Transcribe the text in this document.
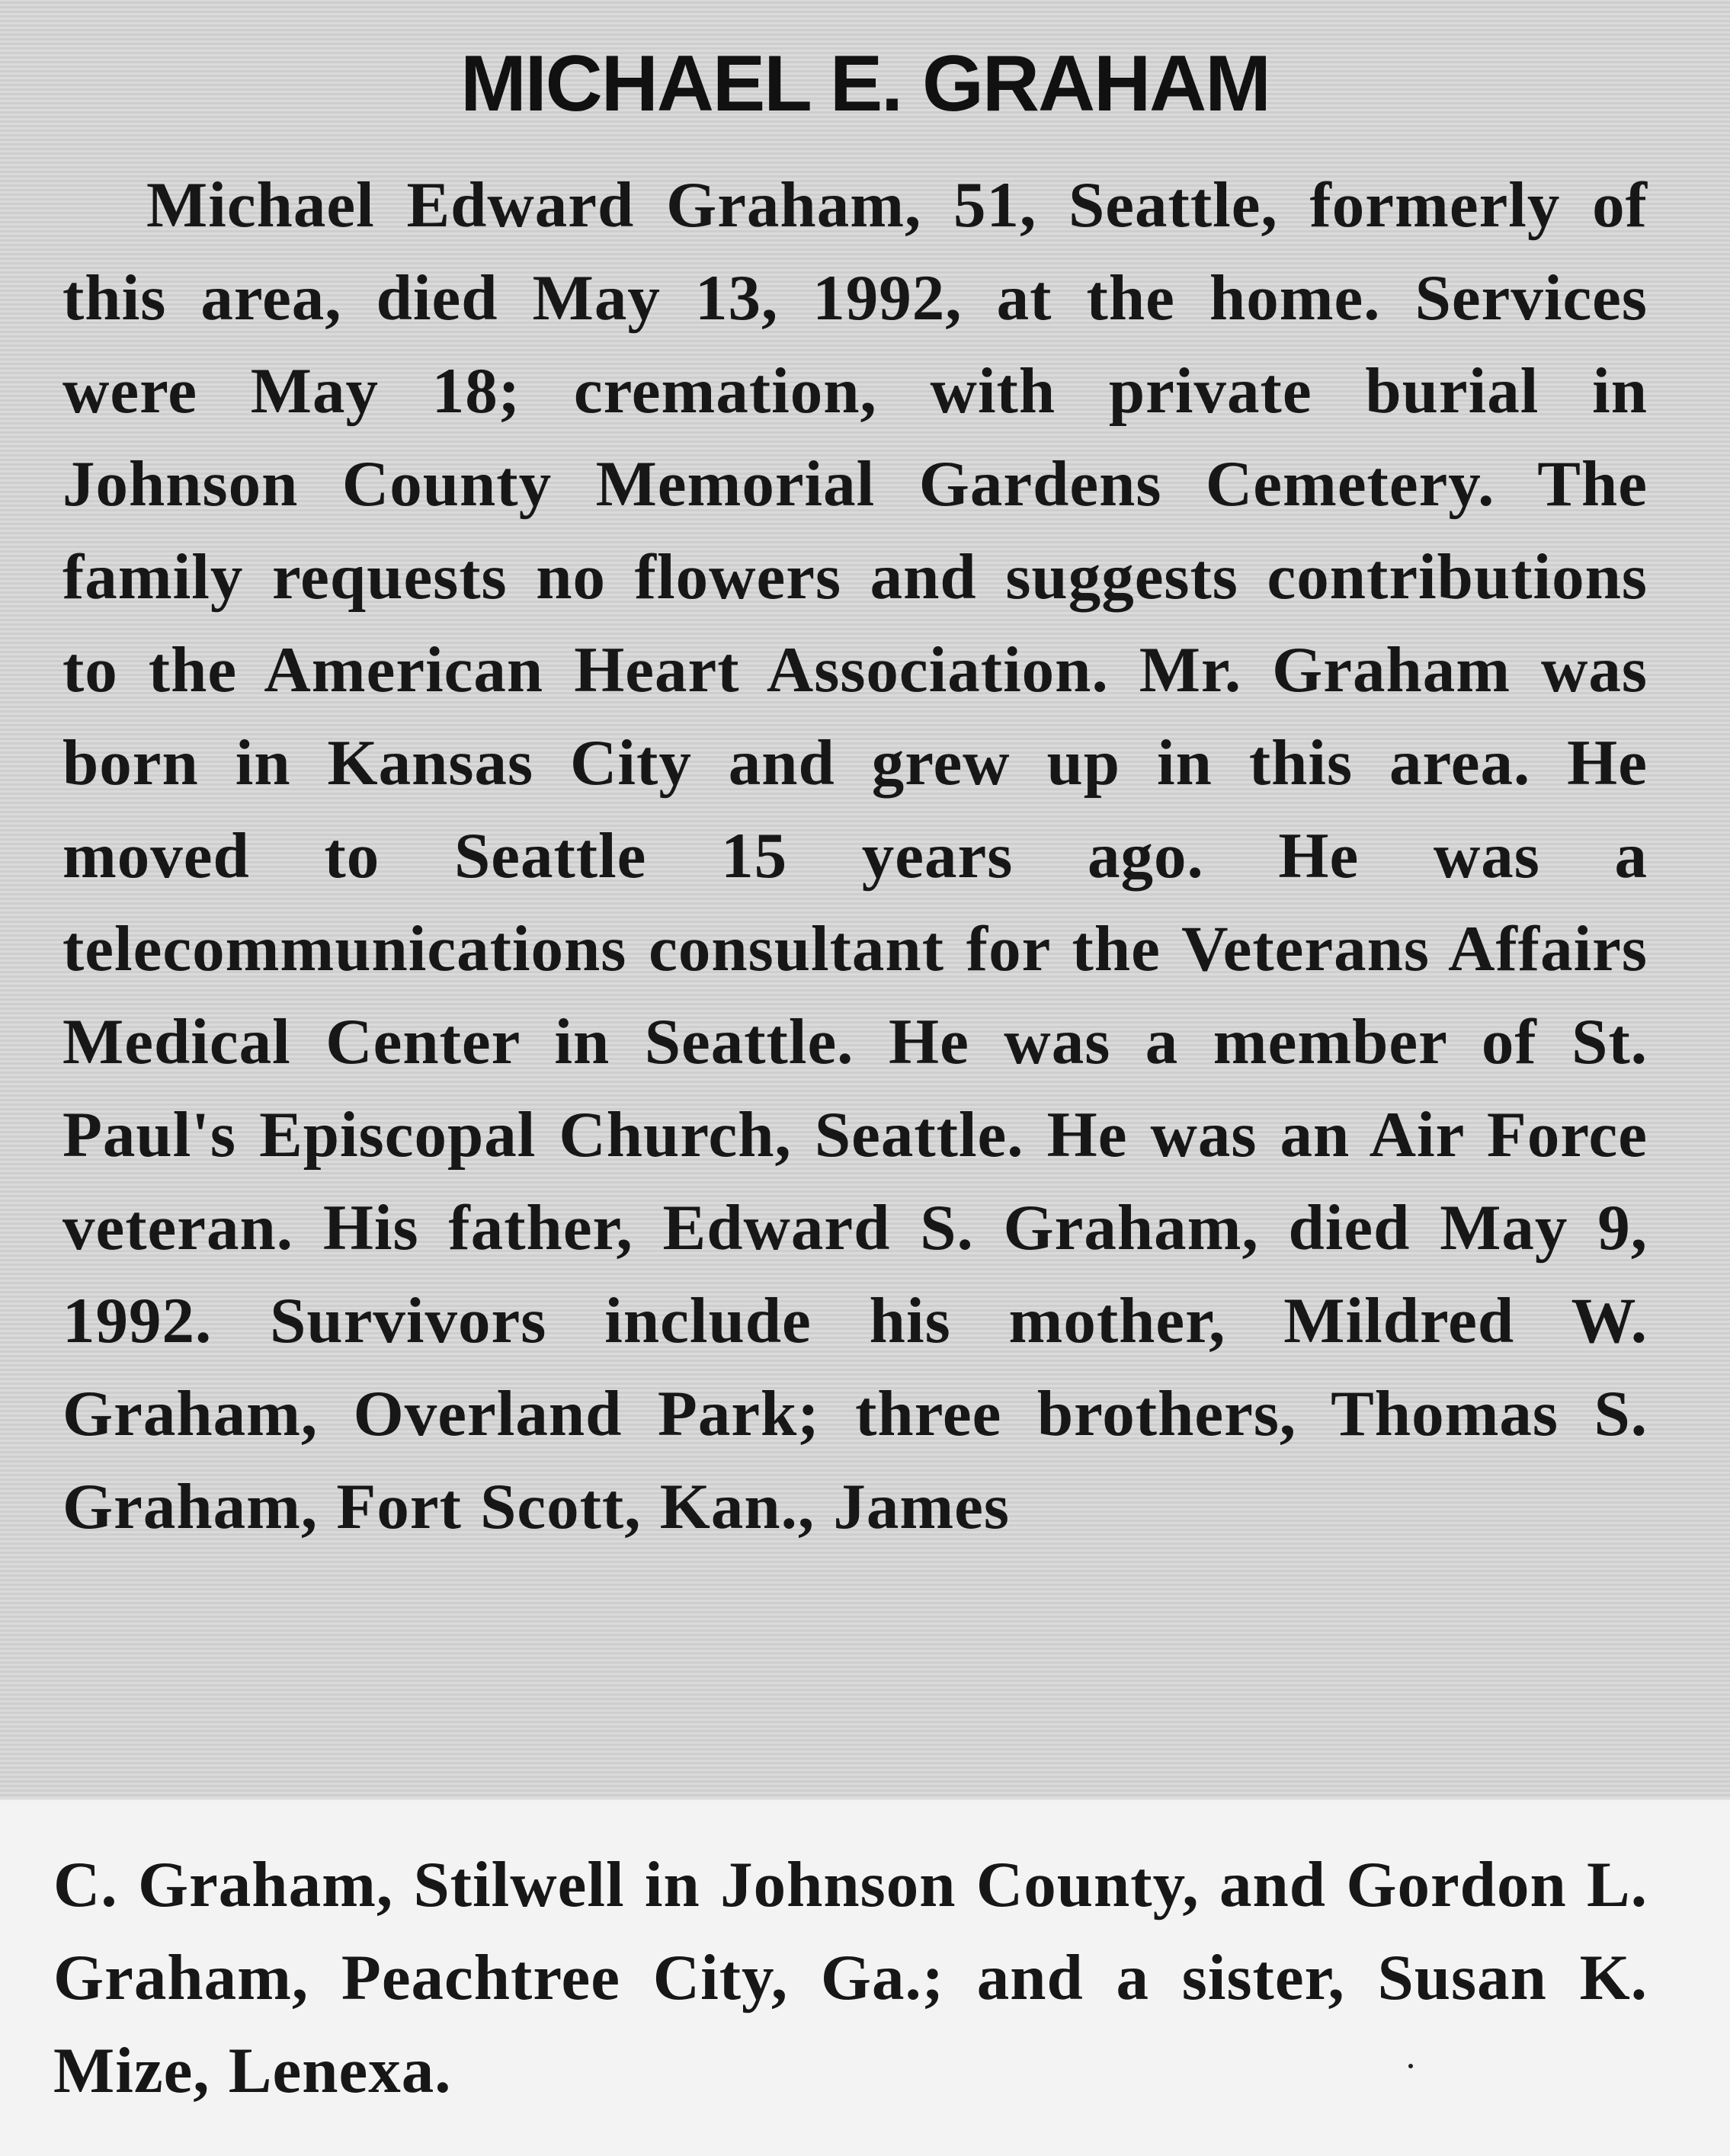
MICHAEL E. GRAHAM

Michael Edward Graham, 51, Seattle, formerly of this area, died May 13, 1992, at the home. Services were May 18; cremation, with private burial in Johnson County Memorial Gardens Cemetery. The family requests no flowers and suggests contributions to the American Heart Association. Mr. Graham was born in Kansas City and grew up in this area. He moved to Seattle 15 years ago. He was a telecommunications consultant for the Veterans Affairs Medical Center in Seattle. He was a member of St. Paul's Episcopal Church, Seattle. He was an Air Force veteran. His father, Edward S. Graham, died May 9, 1992. Survivors include his mother, Mildred W. Graham, Overland Park; three brothers, Thomas S. Graham, Fort Scott, Kan., James

C. Graham, Stilwell in Johnson County, and Gordon L. Graham, Peachtree City, Ga.; and a sister, Susan K. Mize, Lenexa.
